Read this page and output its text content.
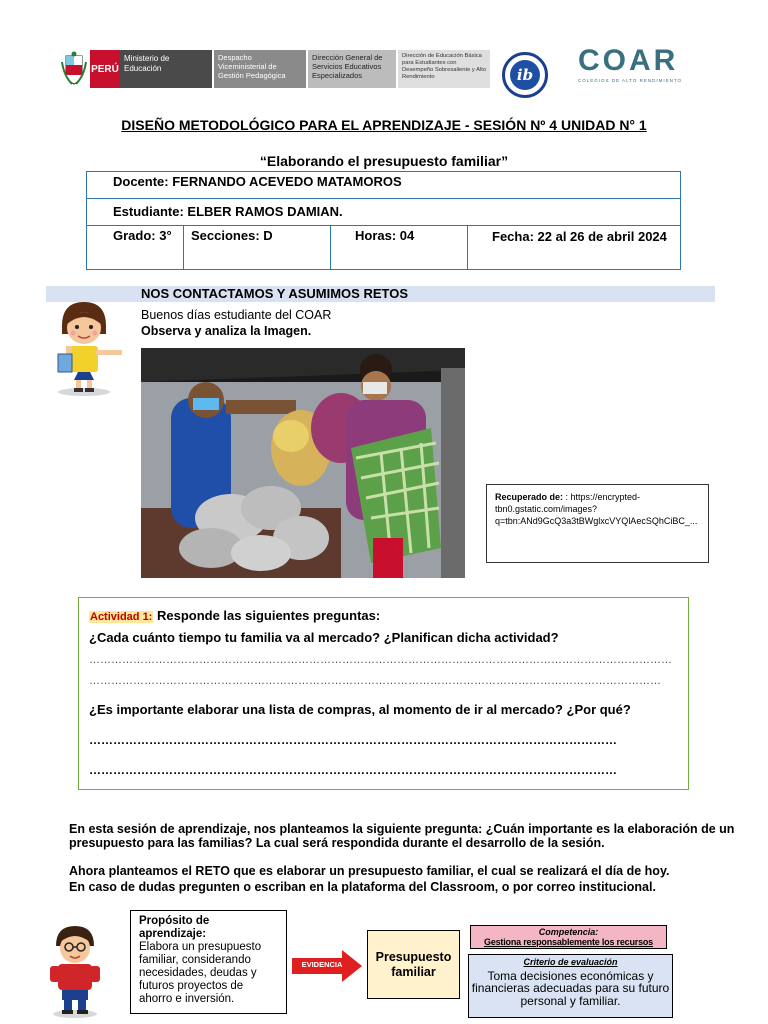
PERÚ
Ministerio de Educación
Despacho Viceministerial de Gestión Pedagógica
Dirección General de Servicios Educativos Especializados
Dirección de Educación Básica para Estudiantes con Desempeño Sobresaliente y Alto Rendimiento	ib COAR
COLEGIOS DE ALTO RENDIMIENTO
DISEÑO METODOLÓGICO PARA EL APRENDIZAJE - SESIÓN Nº 4 UNIDAD N° 1
“Elaborando el presupuesto familiar”
Docente: FERNANDO ACEVEDO MATAMOROS
Estudiante: ELBER RAMOS DAMIAN.
Grado: 3° Secciones: D	Horas: 04	Fecha: 22 al 26 de abril 2024
NOS CONTACTAMOS Y ASUMIMOS RETOS
Buenos días estudiante del COAR
Observa y analiza la Imagen.
Recuperado de: : https://encrypted-tbn0.gstatic.com/images?q=tbn:ANd9GcQ3a3tBWglxcVYQlAecSQhCiBC_...
Actividad 1: Responde las siguientes preguntas:
¿Cada cuánto tiempo tu familia va al mercado? ¿Planifican dicha actividad?
……………………………………………………………………………………………………………………………………………
…………………………………………………………………………………………………………………………………………
¿Es importante elaborar una lista de compras, al momento de ir al mercado? ¿Por qué?
……………………………………………………………………………………………………………………
……………………………………………………………………………………………………………………
En esta sesión de aprendizaje, nos planteamos la siguiente pregunta: ¿Cuán importante es la elaboración de un presupuesto para las familias? La cual será respondida durante el desarrollo de la sesión.
Ahora planteamos el RETO que es elaborar un presupuesto familiar, el cual se realizará el día de hoy.
En caso de dudas pregunten o escriban en la plataforma del Classroom, o por correo institucional.
Propósito de aprendizaje:
Elabora un presupuesto familiar, considerando necesidades, deudas y futuros proyectos de ahorro e inversión.
EVIDENCIA
Presupuesto familiar
Competencia:
Gestiona responsablemente los recursos
Criterio de evaluación
Toma decisiones económicas y financieras adecuadas para su futuro personal y familiar.
